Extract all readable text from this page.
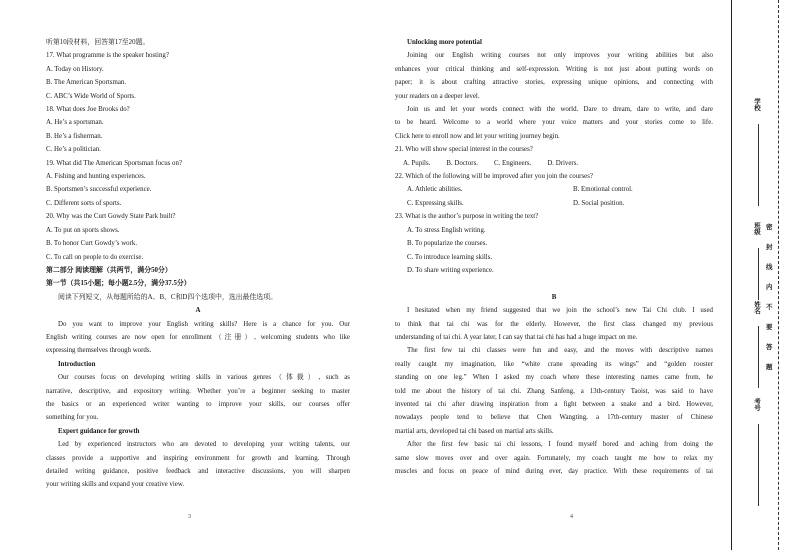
听第10段材料，回答第17至20题。

17. What programme is the speaker hosting?

A. Today on History.

B. The American Sportsman.

C. ABC’s Wide World of Sports.

18. What does Joe Brooks do?

A. He’s a sportsman.

B. He’s a fisherman.

C. He’s a politician.

19. What did The American Sportsman focus on?

A. Fishing and hunting experiences.

B. Sportsmen’s successful experience.

C. Different sorts of sports.

20. Why was the Curt Gowdy State Park built?

A. To put on sports shows.

B. To honor Curt Gowdy’s work.

C. To call on people to do exercise.

第二部分 阅读理解（共两节，满分50分）

第一节（共15小题；每小题2.5分，满分37.5分）

阅读下列短文，从每题所给的A、B、C和D四个选项中，选出最佳选项。

A

Do you want to improve your English writing skills? Here is a chance for you. Our

English writing courses are now open for enrollment（注册）, welcoming students who like

expressing themselves through words.

Introduction

Our courses focus on developing writing skills in various genres（体裁）, such as

narrative, descriptive, and expository writing. Whether you’re a beginner seeking to master

the basics or an experienced writer wanting to improve your skills, our courses offer

something for you.

Expert guidance for growth

Led by experienced instructors who are devoted to developing your writing talents, our

classes provide a supportive and inspiring environment for growth and learning. Through

detailed writing guidance, positive feedback and interactive discussions, you will sharpen

your writing skills and expand your creative view.

3

Unlocking more potential

Joining our English writing courses not only improves your writing abilities but also

enhances your critical thinking and self-expression. Writing is not just about putting words on

paper; it is about crafting attractive stories, expressing unique opinions, and connecting with

your readers on a deeper level.

Join us and let your words connect with the world. Dare to dream, dare to write, and dare

to be heard. Welcome to a world where your voice matters and your stories come to life.

Click here to enroll now and let your writing journey begin.

21. Who will show special interest in the courses?

A. Pupils. B. Doctors. C. Engineers. D. Drivers.

22. Which of the following will be improved after you join the courses?

A. Athletic abilities.	B. Emotional control.

C. Expressing skills.	D. Social position.

23. What is the author’s purpose in writing the text?

A. To stress English writing.

B. To popularize the courses.

C. To introduce learning skills.

D. To share writing experience.

B

I hesitated when my friend suggested that we join the school’s new Tai Chi club. I used

to think that tai chi was for the elderly. However, the first class changed my previous

understanding of tai chi. A year later, I can say that tai chi has had a huge impact on me.

The first few tai chi classes were fun and easy, and the moves with descriptive names

really caught my imagination, like “white crane spreading its wings” and “golden rooster

standing on one leg.” When I asked my coach where these interesting names came from, he

told me about the history of tai chi. Zhang Sanfeng, a 13th-century Taoist, was said to have

invented tai chi after drawing inspiration from a fight between a snake and a bird. However,

nowadays people tend to believe that Chen Wangting, a 17th-century master of Chinese

martial arts, developed tai chi based on martial arts skills.

After the first few basic tai chi lessons, I found myself bored and aching from doing the

same slow moves over and over again. Fortunately, my coach taught me how to relax my

muscles and focus on peace of mind during ever, day practice. With these requirements of tai

4
学校
班级
姓名
考号
密
封
线
内
不
要
答
题
